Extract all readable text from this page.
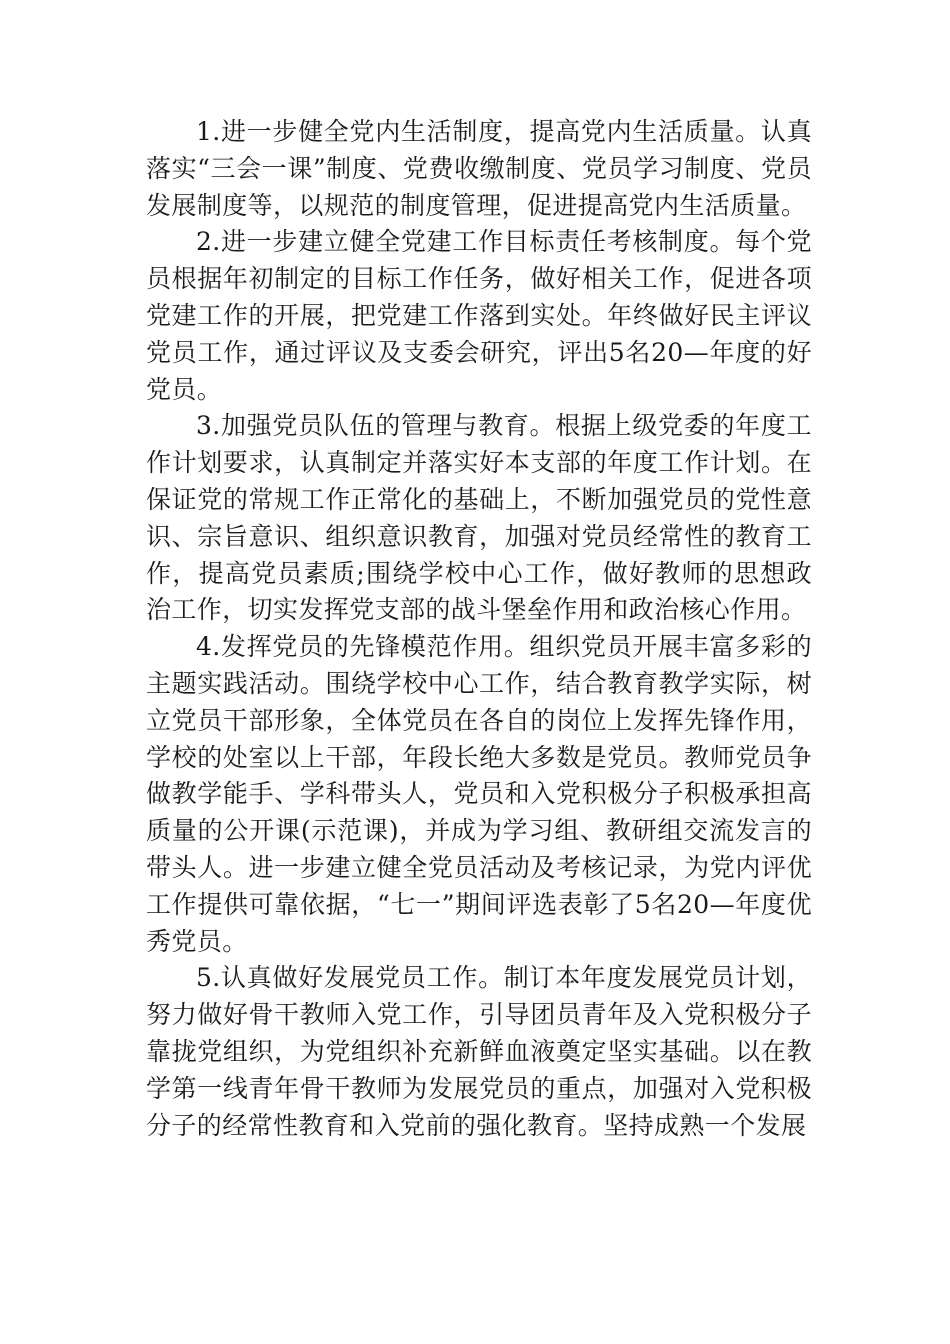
1.进一步健全党内生活制度，提高党内生活质量。认真落实“三会一课”制度、党费收缴制度、党员学习制度、党员发展制度等，以规范的制度管理，促进提高党内生活质量。

2.进一步建立健全党建工作目标责任考核制度。每个党员根据年初制定的目标工作任务，做好相关工作，促进各项党建工作的开展，把党建工作落到实处。年终做好民主评议党员工作，通过评议及支委会研究，评出5名20—年度的好党员。

3.加强党员队伍的管理与教育。根据上级党委的年度工作计划要求，认真制定并落实好本支部的年度工作计划。在保证党的常规工作正常化的基础上，不断加强党员的党性意识、宗旨意识、组织意识教育，加强对党员经常性的教育工作，提高党员素质;围绕学校中心工作，做好教师的思想政治工作，切实发挥党支部的战斗堡垒作用和政治核心作用。

4.发挥党员的先锋模范作用。组织党员开展丰富多彩的主题实践活动。围绕学校中心工作，结合教育教学实际，树立党员干部形象，全体党员在各自的岗位上发挥先锋作用，学校的处室以上干部，年段长绝大多数是党员。教师党员争做教学能手、学科带头人，党员和入党积极分子积极承担高质量的公开课(示范课)，并成为学习组、教研组交流发言的带头人。进一步建立健全党员活动及考核记录，为党内评优工作提供可靠依据，“七一”期间评选表彰了5名20—年度优秀党员。

5.认真做好发展党员工作。制订本年度发展党员计划，努力做好骨干教师入党工作，引导团员青年及入党积极分子靠拢党组织，为党组织补充新鲜血液奠定坚实基础。以在教学第一线青年骨干教师为发展党员的重点，加强对入党积极分子的经常性教育和入党前的强化教育。坚持成熟一个发展
